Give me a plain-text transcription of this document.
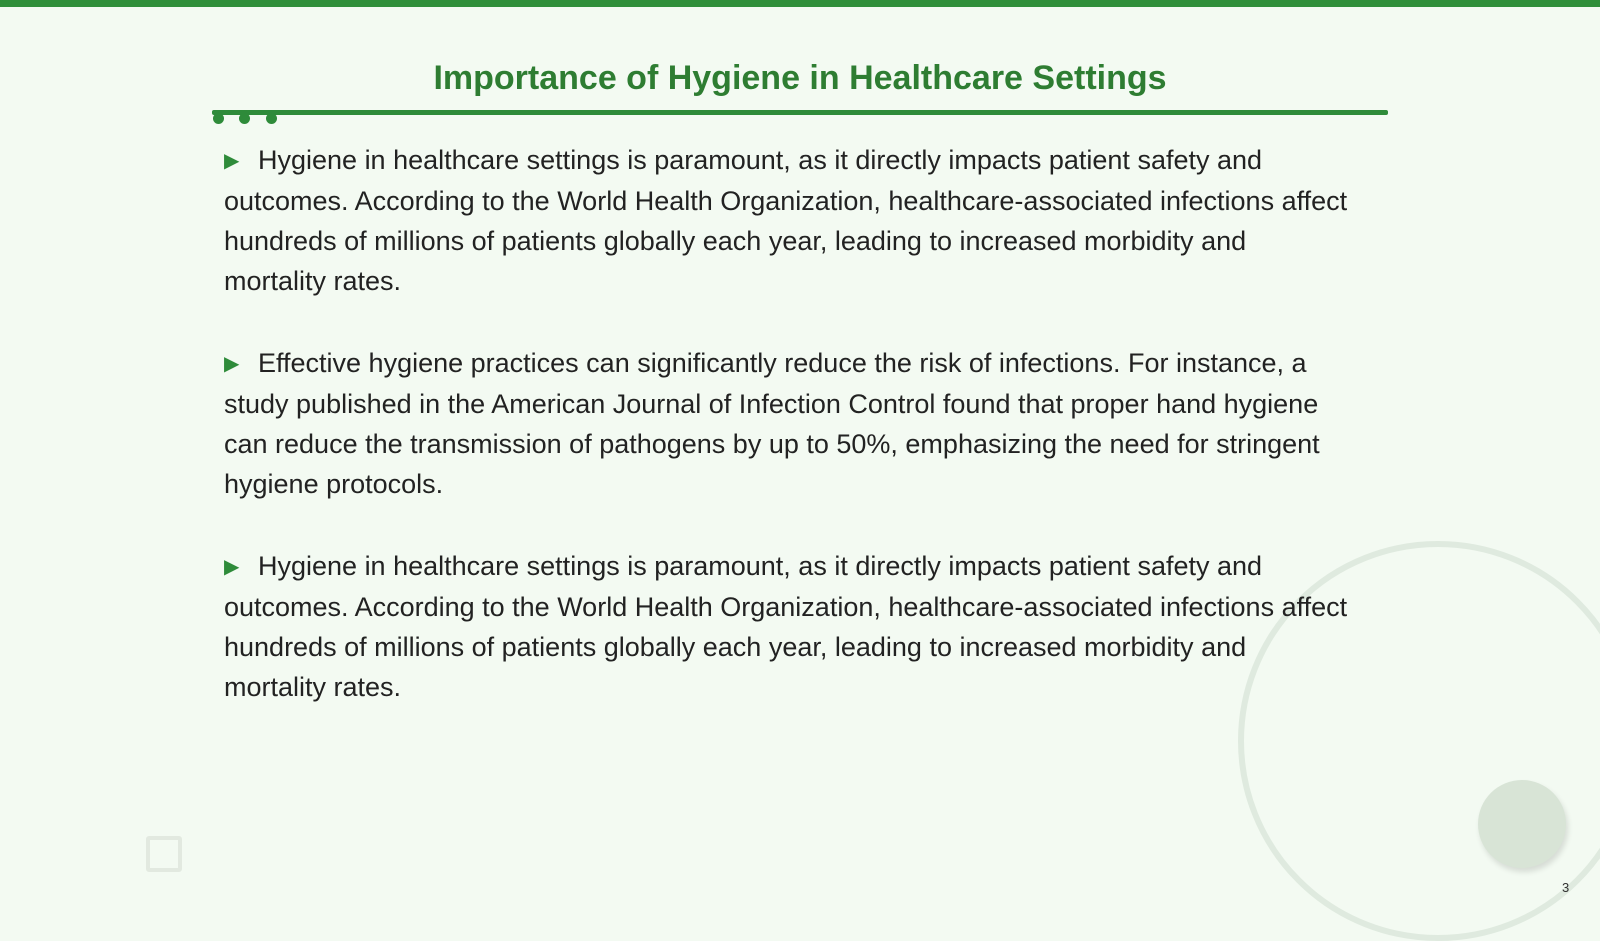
Importance of Hygiene in Healthcare Settings

▶ Hygiene in healthcare settings is paramount, as it directly impacts patient safety and outcomes. According to the World Health Organization, healthcare-associated infections affect hundreds of millions of patients globally each year, leading to increased morbidity and mortality rates.

▶ Effective hygiene practices can significantly reduce the risk of infections. For instance, a study published in the American Journal of Infection Control found that proper hand hygiene can reduce the transmission of pathogens by up to 50%, emphasizing the need for stringent hygiene protocols.

▶ Hygiene in healthcare settings is paramount, as it directly impacts patient safety and outcomes. According to the World Health Organization, healthcare-associated infections affect hundreds of millions of patients globally each year, leading to increased morbidity and mortality rates.

3
